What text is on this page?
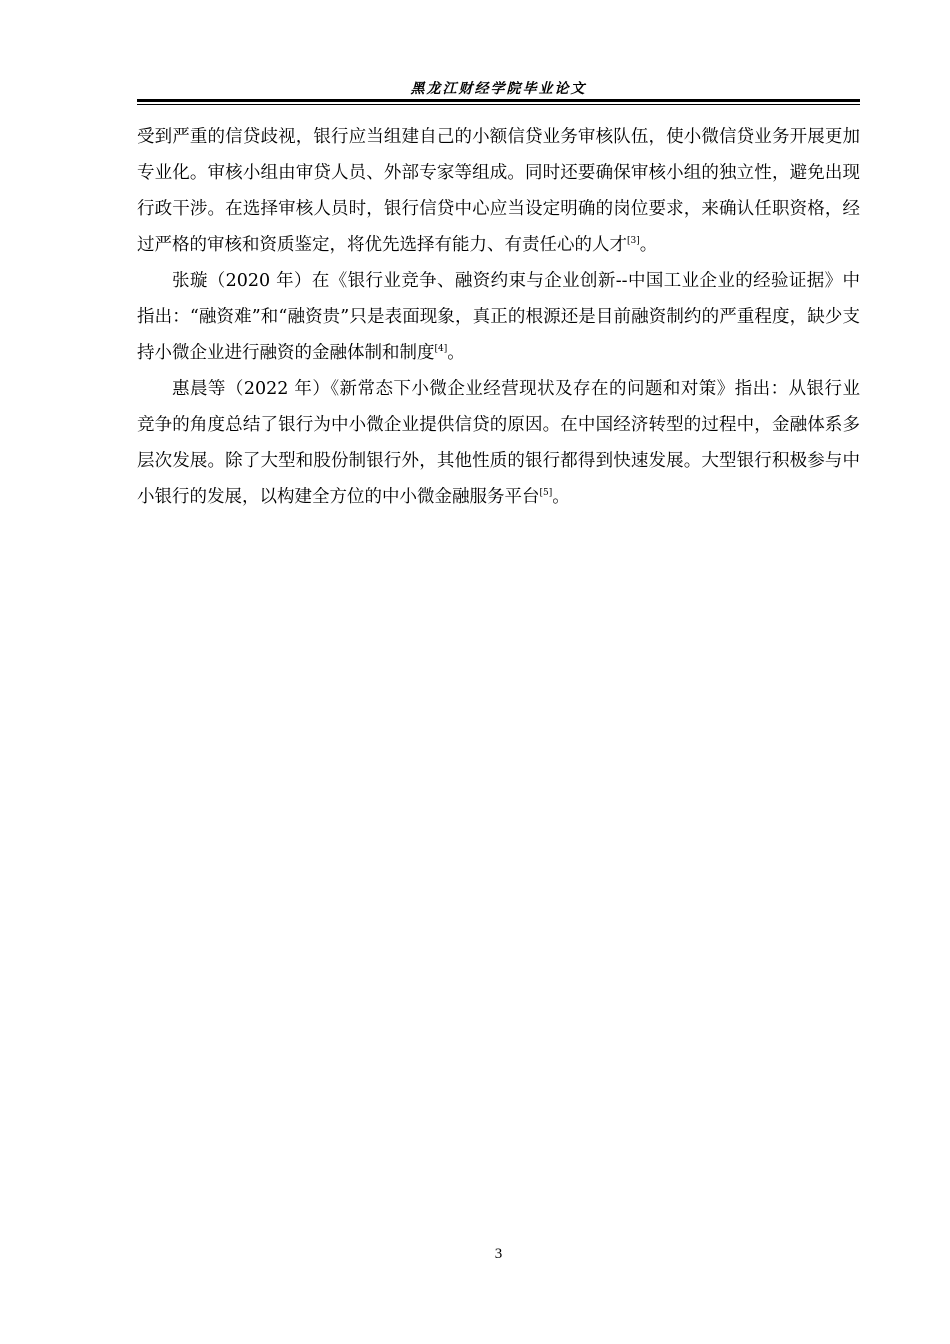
黑龙江财经学院毕业论文

受到严重的信贷歧视，银行应当组建自己的小额信贷业务审核队伍，使小微信贷业务开展更加专业化。审核小组由审贷人员、外部专家等组成。同时还要确保审核小组的独立性，避免出现行政干涉。在选择审核人员时，银行信贷中心应当设定明确的岗位要求，来确认任职资格，经过严格的审核和资质鉴定，将优先选择有能力、有责任心的人才[3]。

张璇（2020 年）在《银行业竞争、融资约束与企业创新--中国工业企业的经验证据》中指出：“融资难”和“融资贵”只是表面现象，真正的根源还是目前融资制约的严重程度，缺少支持小微企业进行融资的金融体制和制度[4]。

惠晨等（2022 年）《新常态下小微企业经营现状及存在的问题和对策》指出：从银行业竞争的角度总结了银行为中小微企业提供信贷的原因。在中国经济转型的过程中，金融体系多层次发展。除了大型和股份制银行外，其他性质的银行都得到快速发展。大型银行积极参与中小银行的发展，以构建全方位的中小微金融服务平台[5]。

3
